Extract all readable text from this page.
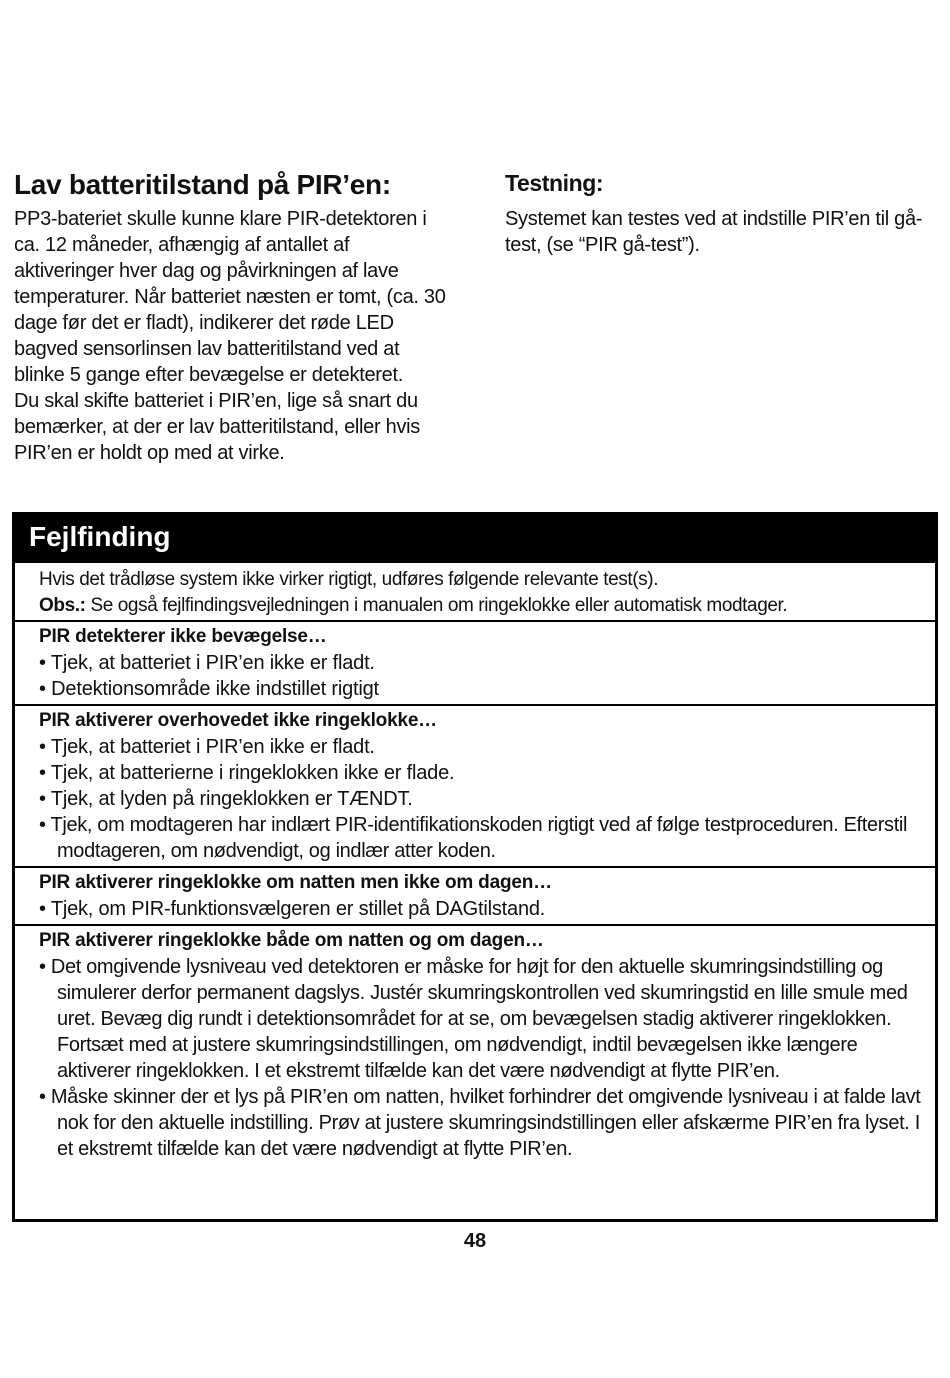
Lav batteritilstand på PIR’en:
PP3-bateriet skulle kunne klare PIR-detektoren i ca. 12 måneder, afhængig af antallet af aktiveringer hver dag og påvirkningen af lave temperaturer. Når batteriet næsten er tomt, (ca. 30 dage før det er fladt), indikerer det røde LED bagved sensorlinsen lav batteritilstand ved at blinke 5 gange efter bevægelse er detekteret.
Du skal skifte batteriet i PIR’en, lige så snart du bemærker, at der er lav batteritilstand, eller hvis PIR’en er holdt op med at virke.
Testning:
Systemet kan testes ved at indstille PIR’en til gå-test, (se “PIR gå-test”).
Fejlfinding
Hvis det trådløse system ikke virker rigtigt, udføres følgende relevante test(s).
Obs.: Se også fejlfindingsvejledningen i manualen om ringeklokke eller automatisk modtager.
PIR detekterer ikke bevægelse…
• Tjek, at batteriet i PIR’en ikke er fladt.
• Detektionsområde ikke indstillet rigtigt
PIR aktiverer overhovedet ikke ringeklokke…
• Tjek, at batteriet i PIR’en ikke er fladt.
• Tjek, at batterierne i ringeklokken ikke er flade.
• Tjek, at lyden på ringeklokken er TÆNDT.
• Tjek, om modtageren har indlært PIR-identifikationskoden rigtigt ved af følge testproceduren. Efterstil modtageren, om nødvendigt, og indlær atter koden.
PIR aktiverer ringeklokke om natten men ikke om dagen…
• Tjek, om PIR-funktionsvælgeren er stillet på DAGtilstand.
PIR aktiverer ringeklokke både om natten og om dagen…
• Det omgivende lysniveau ved detektoren er måske for højt for den aktuelle skumringsindstilling og simulerer derfor permanent dagslys. Justér skumringskontrollen ved skumringstid en lille smule med uret. Bevæg dig rundt i detektionsområdet for at se, om bevægelsen stadig aktiverer ringeklokken. Fortsæt med at justere skumringsindstillingen, om nødvendigt, indtil bevægelsen ikke længere aktiverer ringeklokken. I et ekstremt tilfælde kan det være nødvendigt at flytte PIR’en.
• Måske skinner der et lys på PIR’en om natten, hvilket forhindrer det omgivende lysniveau i at falde lavt nok for den aktuelle indstilling. Prøv at justere skumringsindstillingen eller afskærme PIR’en fra lyset. I et ekstremt tilfælde kan det være nødvendigt at flytte PIR’en.
48
